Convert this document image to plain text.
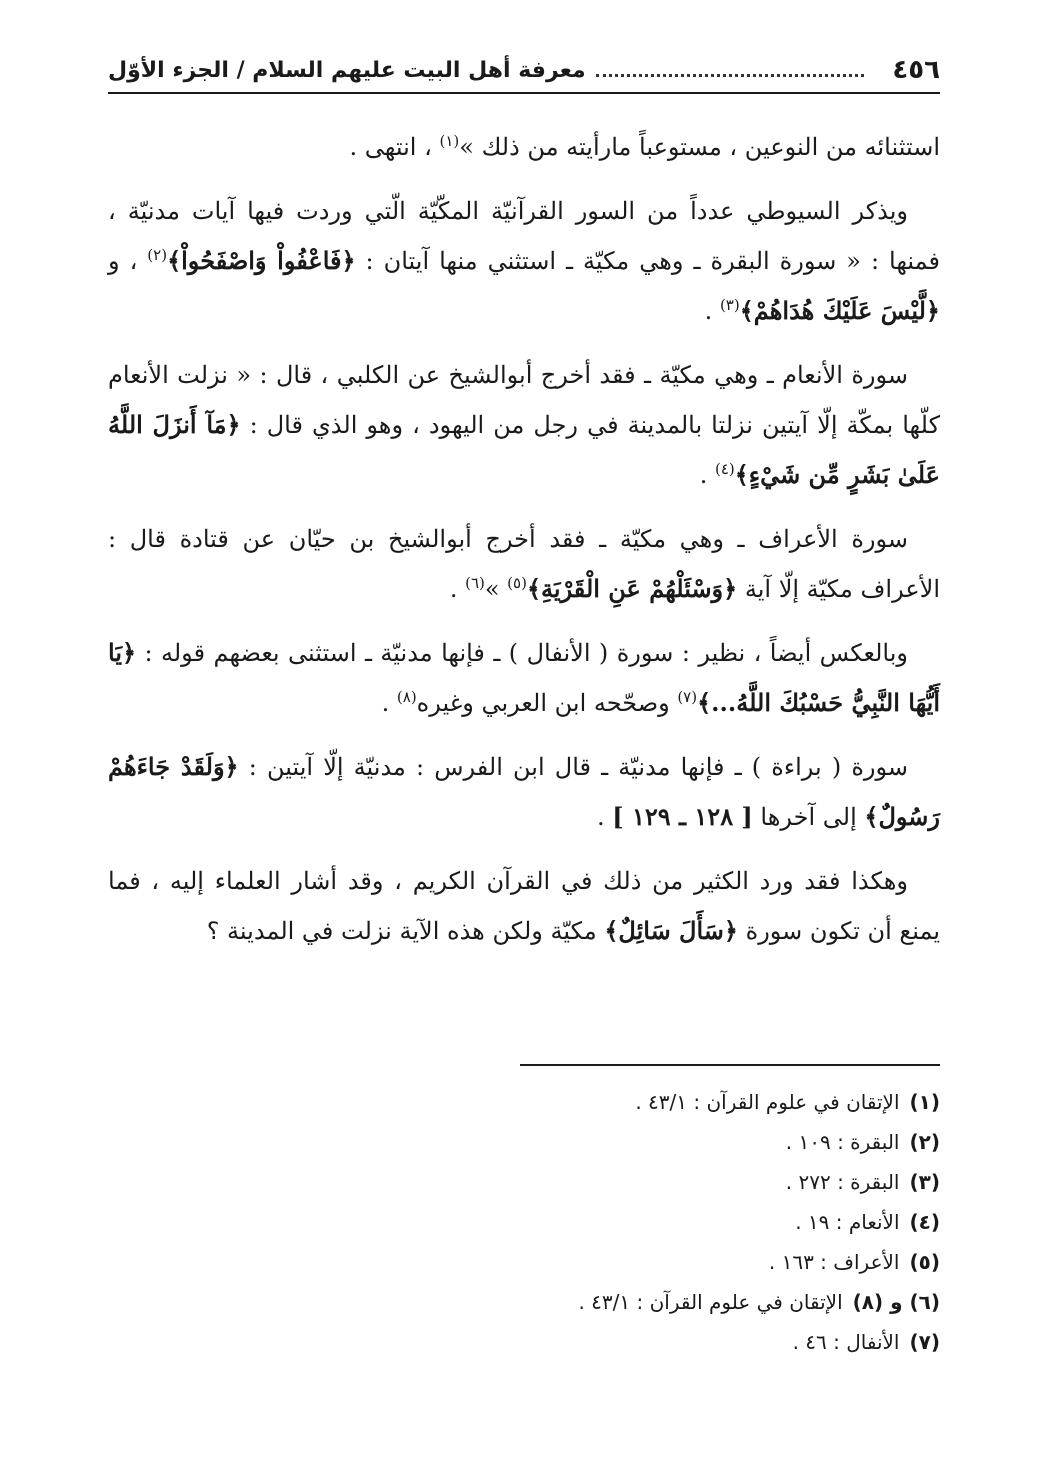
٤٥٦
معرفة أهل البيت عليهم السلام / الجزء الأوّل

استثنائه من النوعين ، مستوعباً مارأيته من ذلك »$^{(١)}$ ، انتهى .

ويذكر السيوطي عدداً من السور القرآنيّة المكّيّة الّتي وردت فيها آيات مدنيّة ، فمنها : « سورة البقرة ـ وهي مكيّة ـ استثني منها آيتان : ﴿فَاعْفُواْ وَاصْفَحُواْ﴾$^{(٢)}$ ، و ﴿لَّيْسَ عَلَيْكَ هُدَاهُمْ﴾$^{(٣)}$ .

سورة الأنعام ـ وهي مكيّة ـ فقد أخرج أبوالشيخ عن الكلبي ، قال : « نزلت الأنعام كلّها بمكّة إلّا آيتين نزلتا بالمدينة في رجل من اليهود ، وهو الذي قال : ﴿مَآ أَنزَلَ اللَّهُ عَلَىٰ بَشَرٍ مِّن شَيْءٍ﴾$^{(٤)}$ .

سورة الأعراف ـ وهي مكيّة ـ فقد أخرج أبوالشيخ بن حيّان عن قتادة قال : الأعراف مكيّة إلّا آية ﴿وَسْئَلْهُمْ عَنِ الْقَرْيَةِ﴾$^{(٥)}$ »$^{(٦)}$ .

وبالعكس أيضاً ، نظير : سورة ( الأنفال ) ـ فإنها مدنيّة ـ استثنى بعضهم قوله : ﴿يَا أَيُّهَا النَّبِيُّ حَسْبُكَ اللَّهُ...﴾$^{(٧)}$ وصحّحه ابن العربي وغيره$^{(٨)}$ .

سورة ( براءة ) ـ فإنها مدنيّة ـ قال ابن الفرس : مدنيّة إلّا آيتين : ﴿وَلَقَدْ جَاءَهُمْ رَسُولٌ﴾ إلى آخرها [ ١٢٨ ـ ١٢٩ ] .

وهكذا فقد ورد الكثير من ذلك في القرآن الكريم ، وقد أشار العلماء إليه ، فما يمنع أن تكون سورة ﴿سَأَلَ سَائِلٌ﴾ مكيّة ولكن هذه الآية نزلت في المدينة ؟

(١)الإتقان في علوم القرآن : ٤٣/١ .
(٢)البقرة : ١٠٩ .
(٣)البقرة : ٢٧٢ .
(٤)الأنعام : ١٩ .
(٥)الأعراف : ١٦٣ .
(٦) و (٨)الإتقان في علوم القرآن : ٤٣/١ .
(٧)الأنفال : ٤٦ .
